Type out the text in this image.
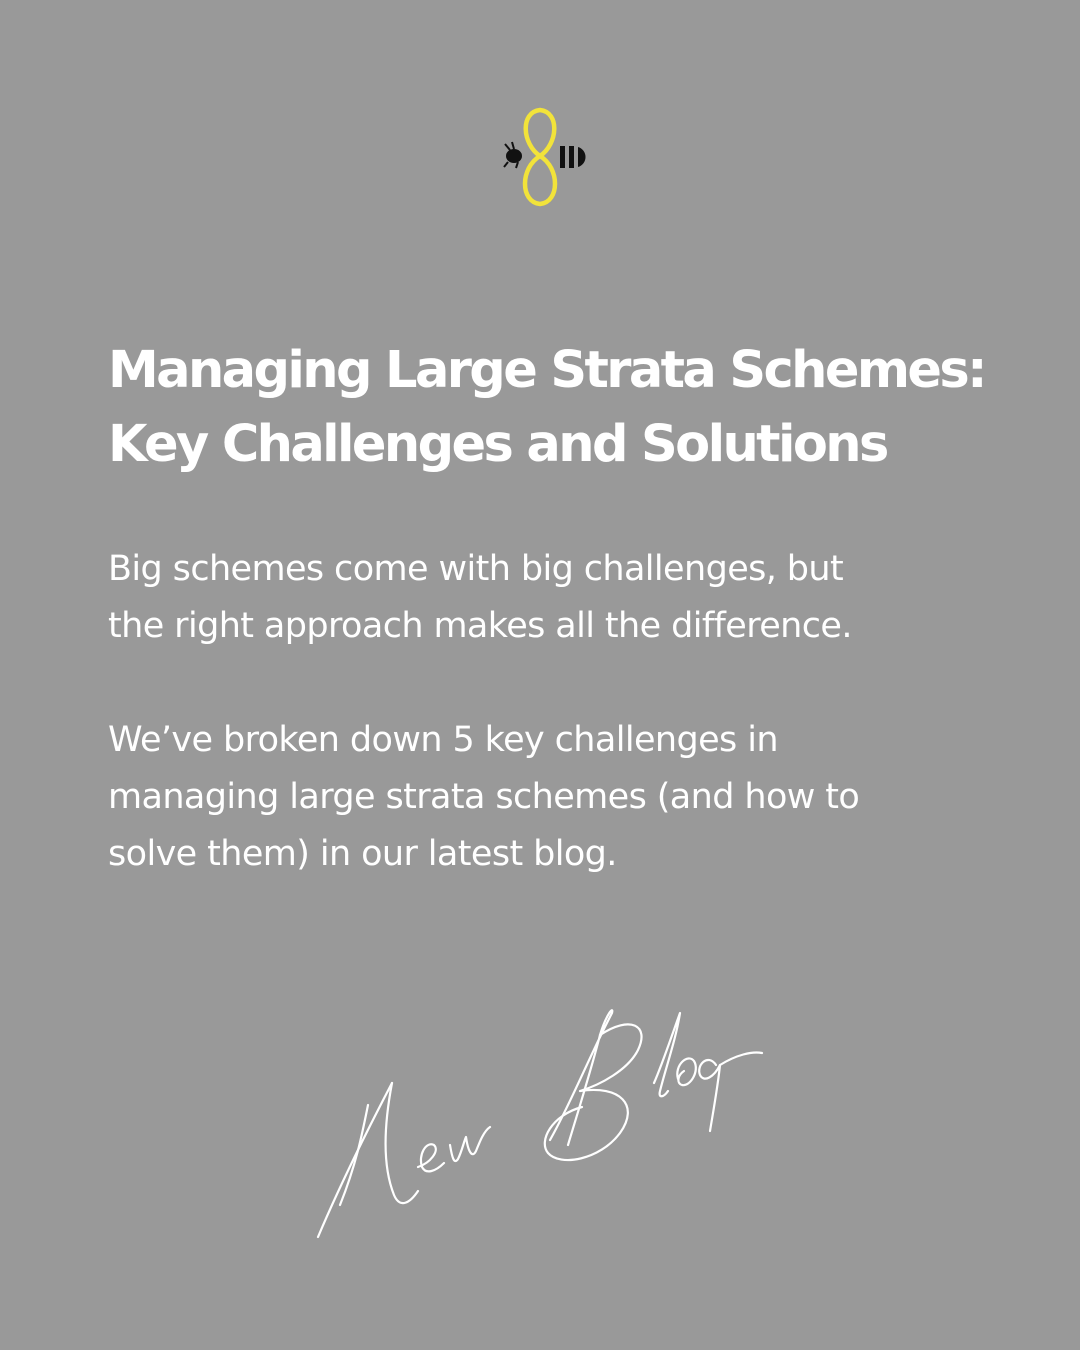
Managing Large Strata Schemes:
Key Challenges and Solutions

Big schemes come with big challenges, but
the right approach makes all the difference.

We’ve broken down 5 key challenges in
managing large strata schemes (and how to
solve them) in our latest blog.
